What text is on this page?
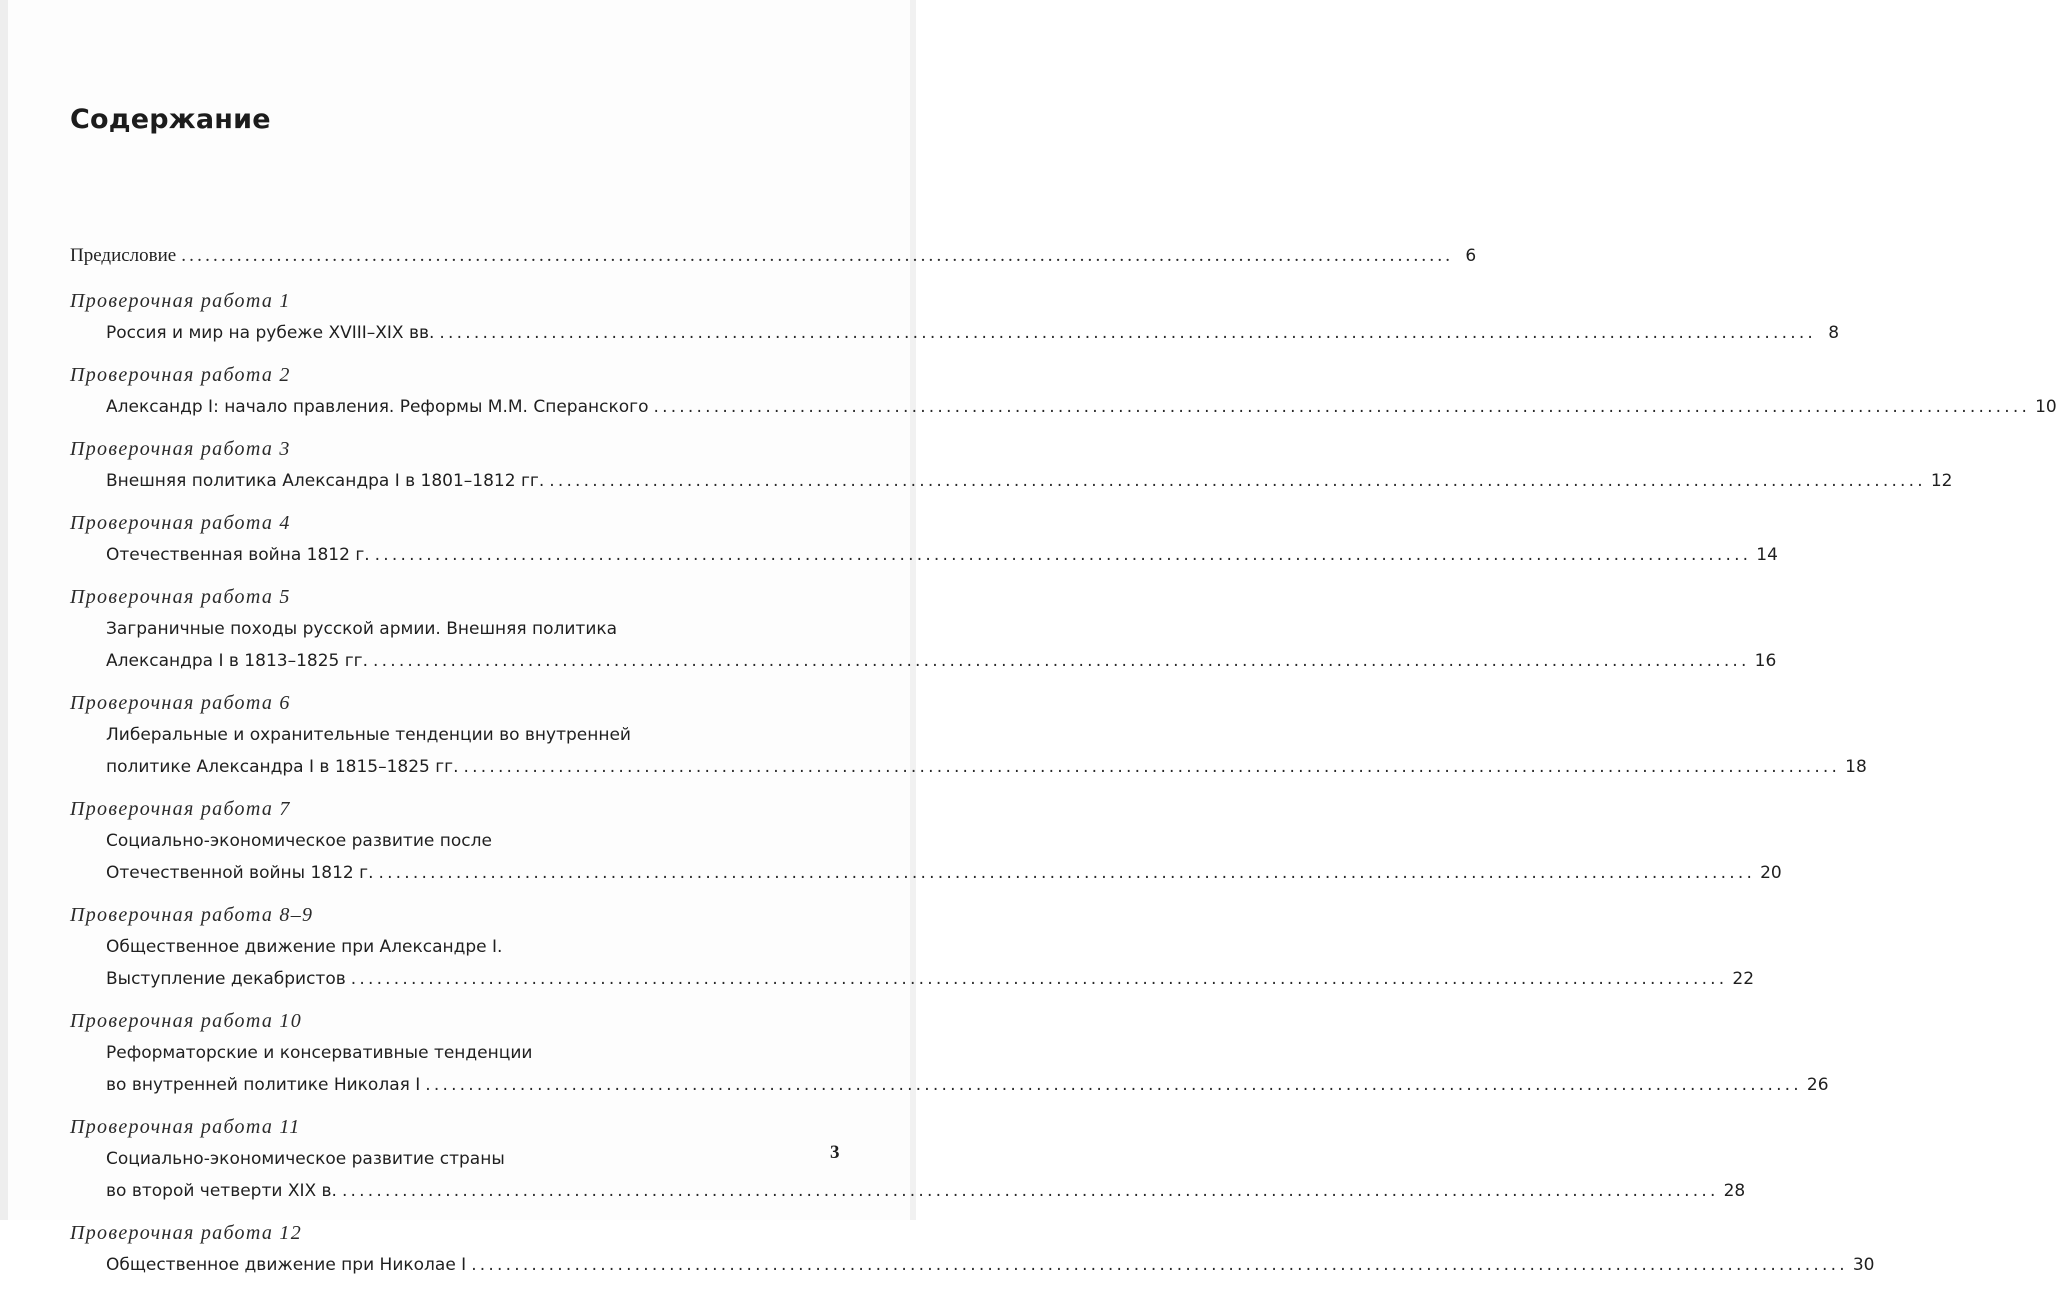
Содержание
Предисловие ................................................................................................................................................................ 6
Проверочная работа 1
Россия и мир на рубеже XVIII–XIX вв. ................................................................................................................................................................ 8
Проверочная работа 2
Александр I: начало правления. Реформы М.М. Сперанского ................................................................................................................................................................ 10
Проверочная работа 3
Внешняя политика Александра I в 1801–1812 гг. ................................................................................................................................................................ 12
Проверочная работа 4
Отечественная война 1812 г. ................................................................................................................................................................ 14
Проверочная работа 5
Заграничные походы русской армии. Внешняя политика
Александра I в 1813–1825 гг. ................................................................................................................................................................ 16
Проверочная работа 6
Либеральные и охранительные тенденции во внутренней
политике Александра I в 1815–1825 гг. ................................................................................................................................................................ 18
Проверочная работа 7
Социально-экономическое развитие после
Отечественной войны 1812 г. ................................................................................................................................................................ 20
Проверочная работа 8–9
Общественное движение при Александре I.
Выступление декабристов ................................................................................................................................................................ 22
Проверочная работа 10
Реформаторские и консервативные тенденции
во внутренней политике Николая I ................................................................................................................................................................ 26
Проверочная работа 11
Социально-экономическое развитие страны
во второй четверти XIX в. ................................................................................................................................................................ 28
Проверочная работа 12
Общественное движение при Николае I ................................................................................................................................................................ 30
3
